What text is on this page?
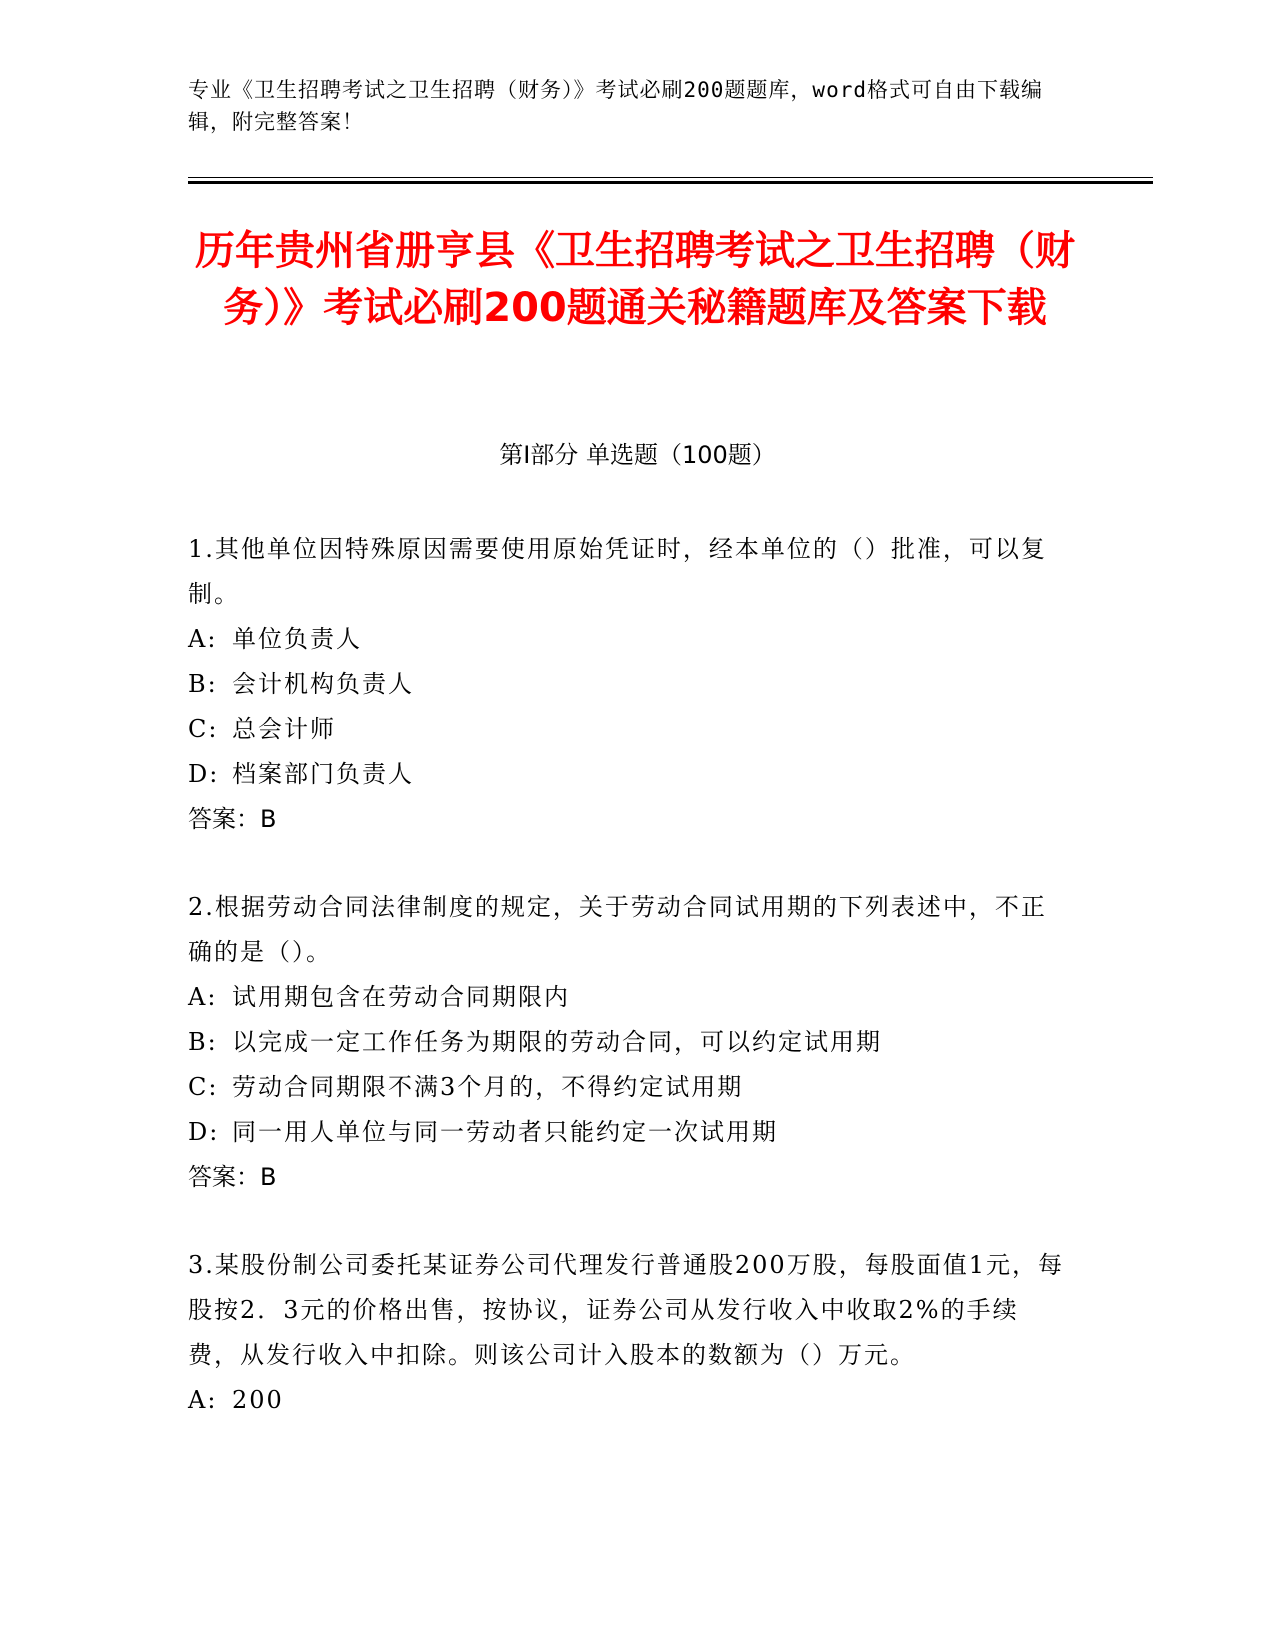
专业《卫生招聘考试之卫生招聘（财务）》考试必刷200题题库，word格式可自由下载编辑，附完整答案！
历年贵州省册亨县《卫生招聘考试之卫生招聘（财务）》考试必刷200题通关秘籍题库及答案下载
第I部分 单选题（100题）
1.其他单位因特殊原因需要使用原始凭证时，经本单位的（）批准，可以复制。
A: 单位负责人
B: 会计机构负责人
C: 总会计师
D: 档案部门负责人
答案：B
2.根据劳动合同法律制度的规定，关于劳动合同试用期的下列表述中，不正确的是（）。
A: 试用期包含在劳动合同期限内
B: 以完成一定工作任务为期限的劳动合同，可以约定试用期
C: 劳动合同期限不满3个月的，不得约定试用期
D: 同一用人单位与同一劳动者只能约定一次试用期
答案：B
3.某股份制公司委托某证券公司代理发行普通股200万股，每股面值1元，每股按2．3元的价格出售，按协议，证券公司从发行收入中收取2%的手续费，从发行收入中扣除。则该公司计入股本的数额为（）万元。
A: 200
